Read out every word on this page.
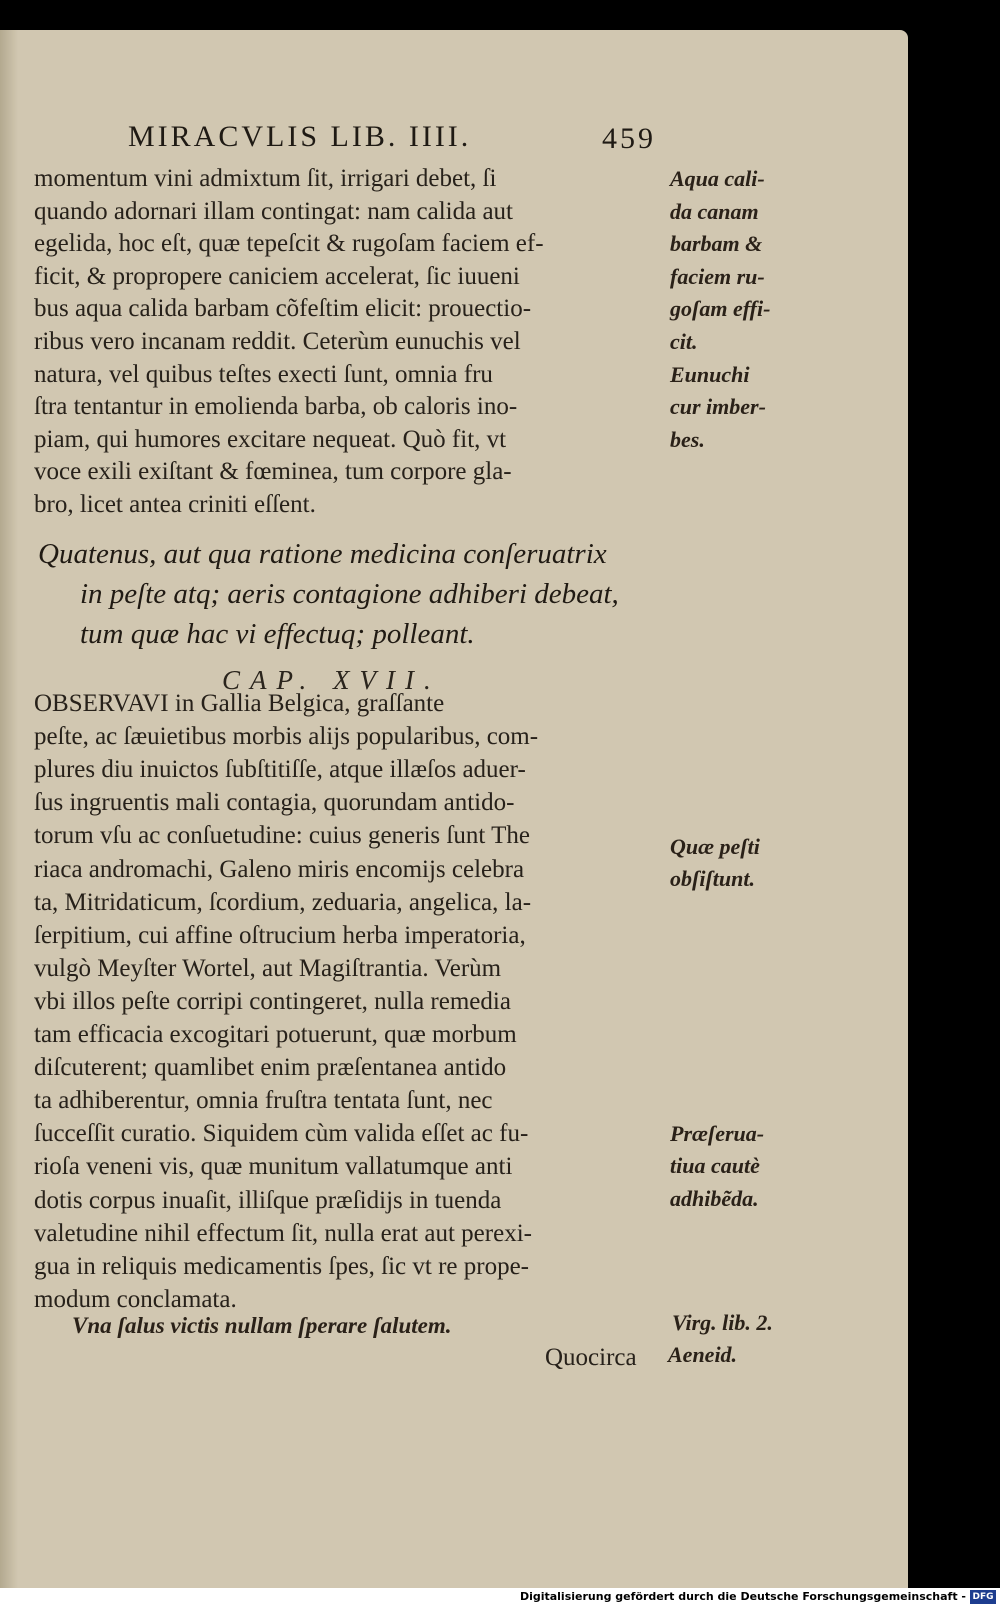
MIRACVLIS LIB. IIII.	459
momentum vini admixtum ſit, irrigari debet, ſi
quando adornari illam contingat: nam calida aut
egelida, hoc eſt, quæ tepeſcit & rugoſam faciem ef-
ficit, & propropere caniciem accelerat, ſic iuueni
bus aqua calida barbam cõfeſtim elicit: prouectio-
ribus vero incanam reddit. Ceterùm eunuchis vel
natura, vel quibus teſtes execti ſunt, omnia fru
ſtra tentantur in emolienda barba, ob caloris ino-
piam, qui humores excitare nequeat. Quò fit, vt
voce exili exiſtant & fœminea, tum corpore gla-
bro, licet antea criniti eſſent.
Aqua cali-
da canam
barbam &
faciem ru-
goſam effi-
cit.
Eunuchi
cur imber-
bes.
Quatenus, aut qua ratione medicina conſeruatrix
in peſte atq; aeris contagione adhiberi debeat,
tum quæ hac vi effectuq; polleant.
CAP. XVII.
OBSERVAVI in Gallia Belgica, graſſante
peſte, ac ſæuietibus morbis alijs popularibus, com-
plures diu inuictos ſubſtitiſſe, atque illæſos aduer-
ſus ingruentis mali contagia, quorundam antido-
torum vſu ac conſuetudine: cuius generis ſunt The
riaca andromachi, Galeno miris encomijs celebra
ta, Mitridaticum, ſcordium, zeduaria, angelica, la-
ſerpitium, cui affine oſtrucium herba imperatoria,
vulgò Meyſter Wortel, aut Magiſtrantia. Verùm
vbi illos peſte corripi contingeret, nulla remedia
tam efficacia excogitari potuerunt, quæ morbum
diſcuterent; quamlibet enim præſentanea antido
ta adhiberentur, omnia fruſtra tentata ſunt, nec
ſucceſſit curatio. Siquidem cùm valida eſſet ac fu-
rioſa veneni vis, quæ munitum vallatumque anti
dotis corpus inuaſit, illiſque præſidijs in tuenda
valetudine nihil effectum ſit, nulla erat aut perexi-
gua in reliquis medicamentis ſpes, ſic vt re prope-
modum conclamata.
Quæ peſti
obſiſtunt.
Præſerua-
tiua cautè
adhibẽda.
Vna ſalus victis nullam ſperare ſalutem.	Virg. lib. 2.
Aeneid.
Quocirca
Digitalisierung gefördert durch die Deutsche Forschungsgemeinschaft - DFG
